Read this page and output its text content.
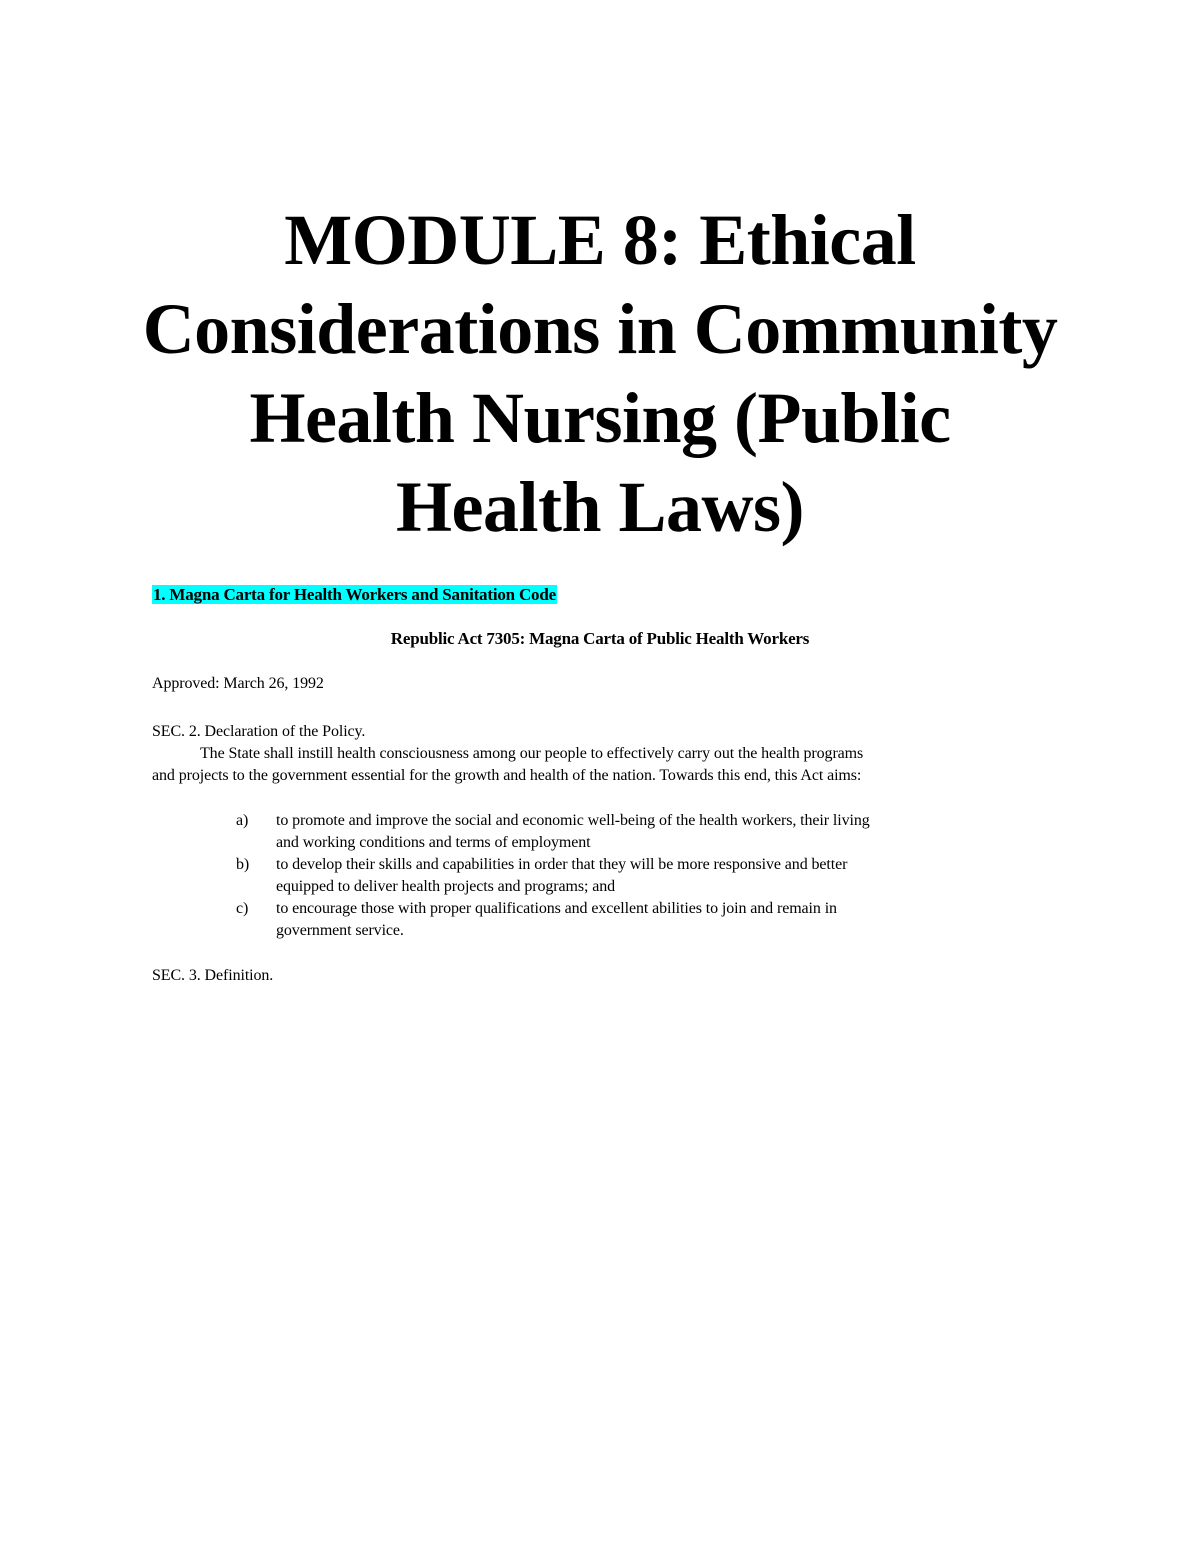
MODULE 8: Ethical
Considerations in Community
Health Nursing (Public
Health Laws)

1. Magna Carta for Health Workers and Sanitation Code

Republic Act 7305: Magna Carta of Public Health Workers

Approved: March 26, 1992

SEC. 2. Declaration of the Policy.

The State shall instill health consciousness among our people to effectively carry out the health programs
and projects to the government essential for the growth and health of the nation. Towards this end, this Act aims:

a) to promote and improve the social and economic well-being of the health workers, their living
and working conditions and terms of employment
b) to develop their skills and capabilities in order that they will be more responsive and better
equipped to deliver health projects and programs; and
c) to encourage those with proper qualifications and excellent abilities to join and remain in
government service.

SEC. 3. Definition.
